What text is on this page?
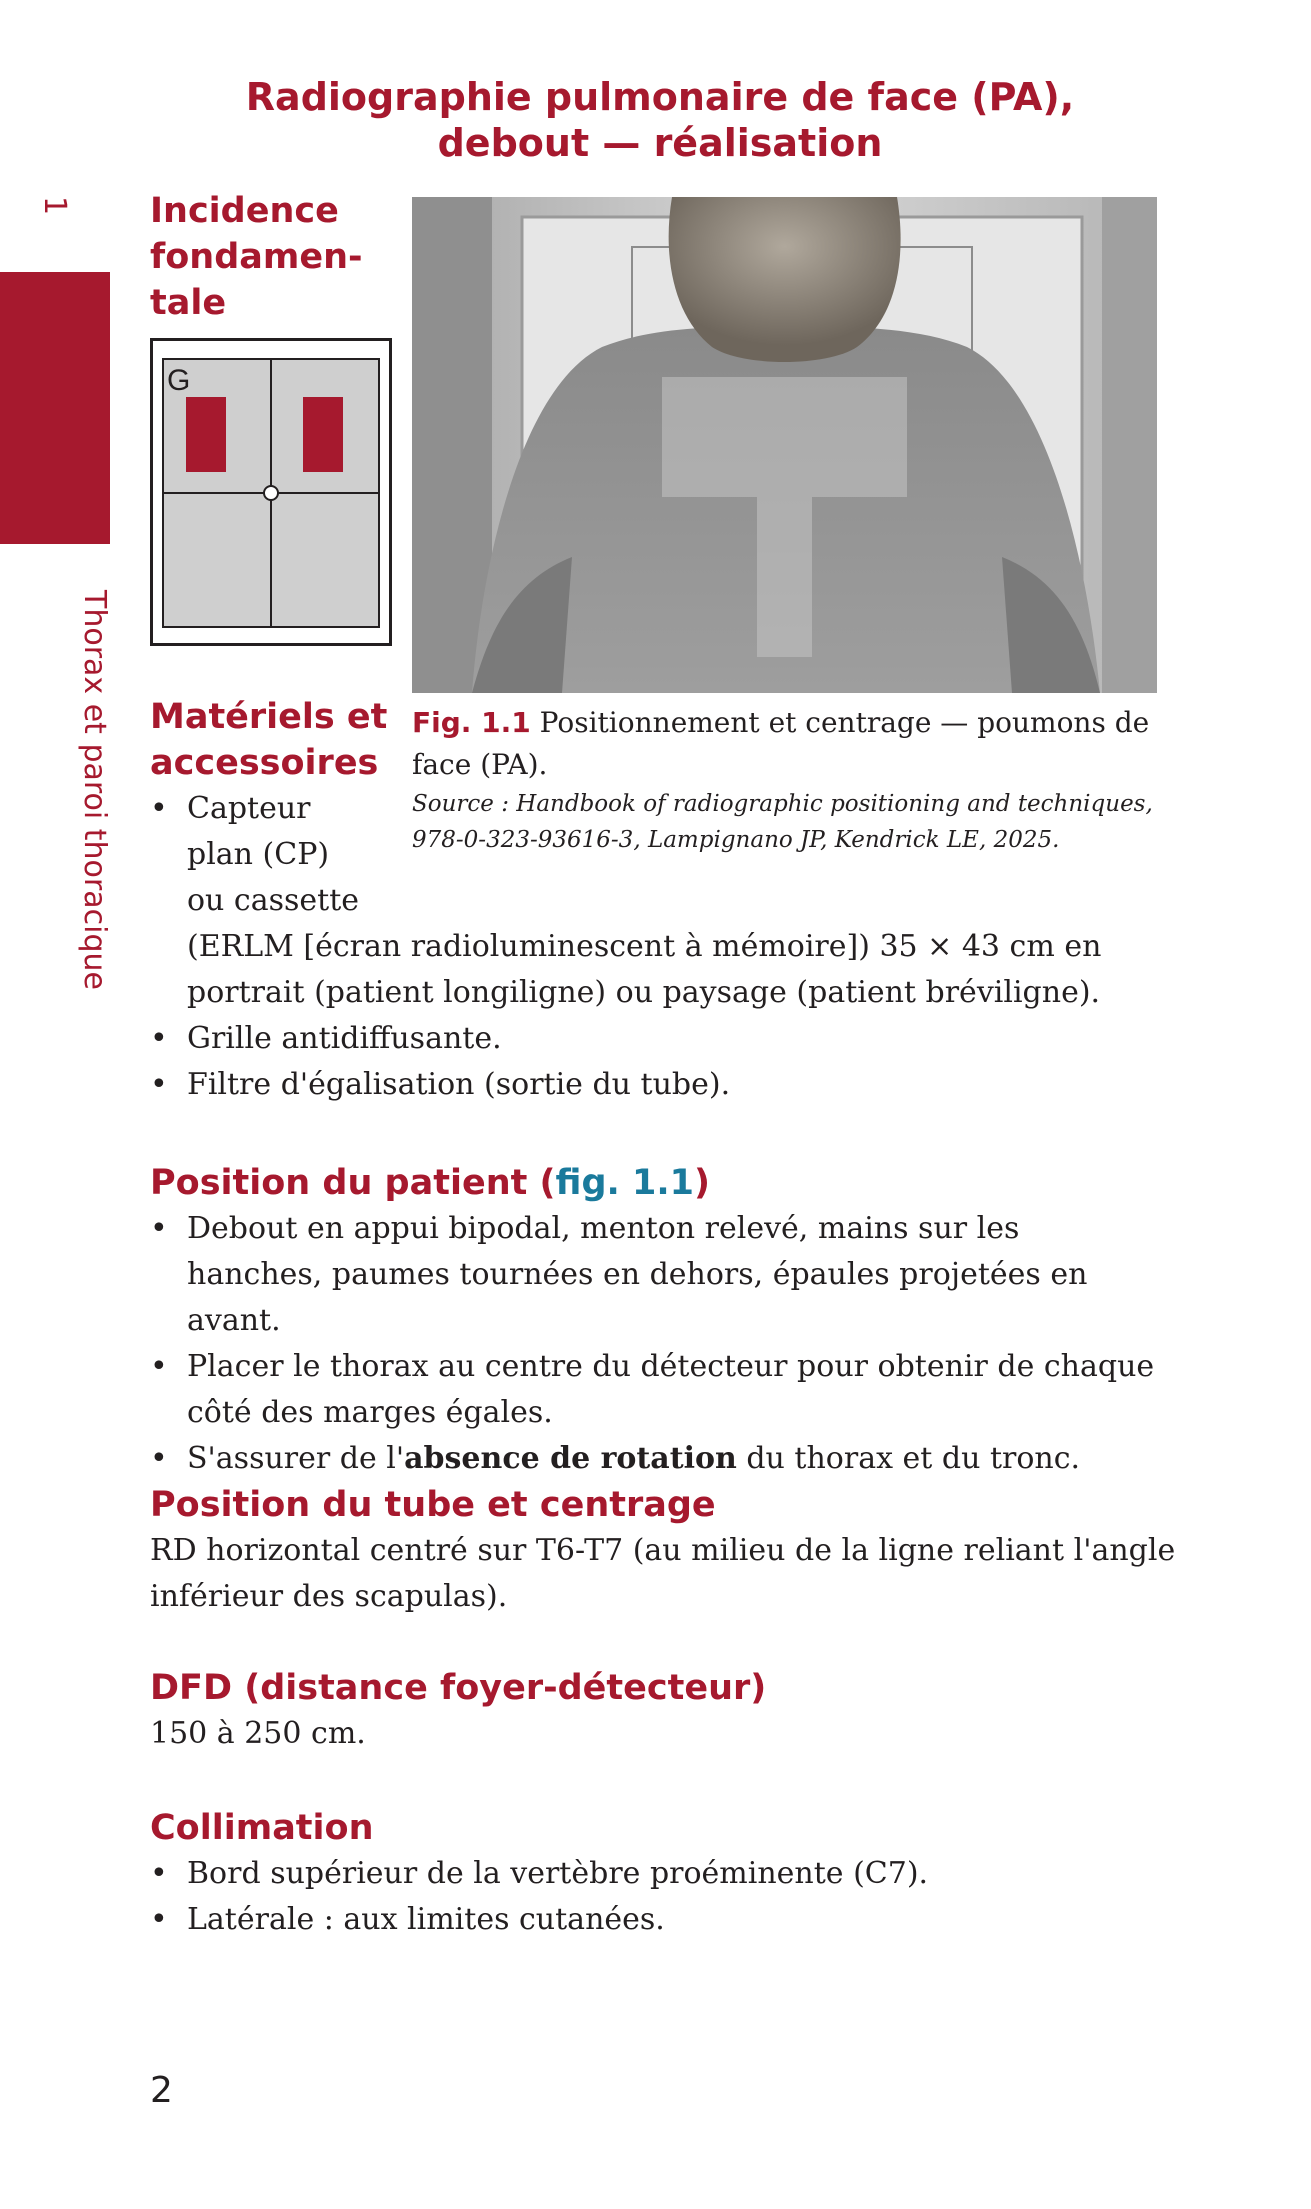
Radiographie pulmonaire de face (PA),
debout — réalisation
1
Thorax et paroi thoracique
Incidence
fondamen-
tale
G
Fig. 1.1 Positionnement et centrage — poumons de face (PA).
Source : Handbook of radiographic positioning and techniques, 978-0-323-93616-3, Lampignano JP, Kendrick LE, 2025.
Matériels et
accessoires
• Capteur
plan (CP)
ou cassette
(ERLM [écran radioluminescent à mémoire]) 35 × 43 cm en
portrait (patient longiligne) ou paysage (patient bréviligne).
• Grille antidiffusante.
• Filtre d'égalisation (sortie du tube).
Position du patient (fig. 1.1)
• Debout en appui bipodal, menton relevé, mains sur les hanches, paumes tournées en dehors, épaules projetées en avant.
• Placer le thorax au centre du détecteur pour obtenir de chaque côté des marges égales.
• S'assurer de l'absence de rotation du thorax et du tronc.
Position du tube et centrage

RD horizontal centré sur T6-T7 (au milieu de la ligne reliant l'angle inférieur des scapulas).

DFD (distance foyer-détecteur)

150 à 250 cm.

Collimation
• Bord supérieur de la vertèbre proéminente (C7).
• Latérale : aux limites cutanées.
2
